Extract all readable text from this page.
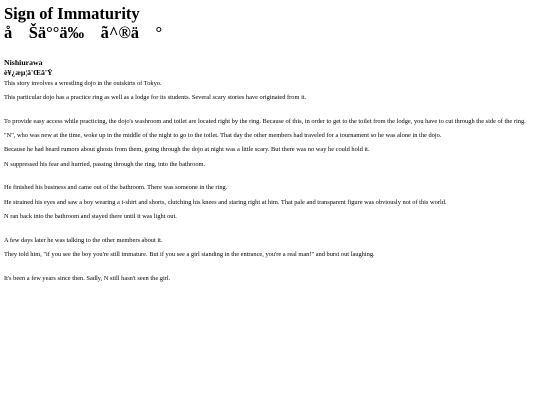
Sign of Immaturity
å    Šä°°ä‰    ã^®ä    °
Nishiurawa
è¥¿æµ¦ã'Œã'Ÿ

This story involves a wrestling dojo in the outskirts of Tokyo.

This particular dojo has a practice ring as well as a lodge for its students. Several scary stories have originated from it.

To provide easy access while practicing, the dojo's washroom and toilet are located right by the ring. Because of this, in order to get to the toilet from the lodge, you have to cut through the side of the ring.

"N", who was new at the time, woke up in the middle of the night to go to the toilet. That day the other members had traveled for a tournament so he was alone in the dojo.

Because he had heard rumors about ghosts from them, going through the dojo at night was a little scary. But there was no way he could hold it.

N suppressed his fear and hurried, passing through the ring, into the bathroom.

He finished his business and came out of the bathroom. There was someone in the ring.

He strained his eyes and saw a boy wearing a t-shirt and shorts, clutching his knees and staring right at him. That pale and transparent figure was obviously not of this world.

N ran back into the bathroom and stayed there until it was light out.

A few days later he was talking to the other members about it.

They told him, "if you see the boy you're still immature. But if you see a girl standing in the entrance, you're a real man!" and burst out laughing.

It's been a few years since then. Sadly, N still hasn't seen the girl.
